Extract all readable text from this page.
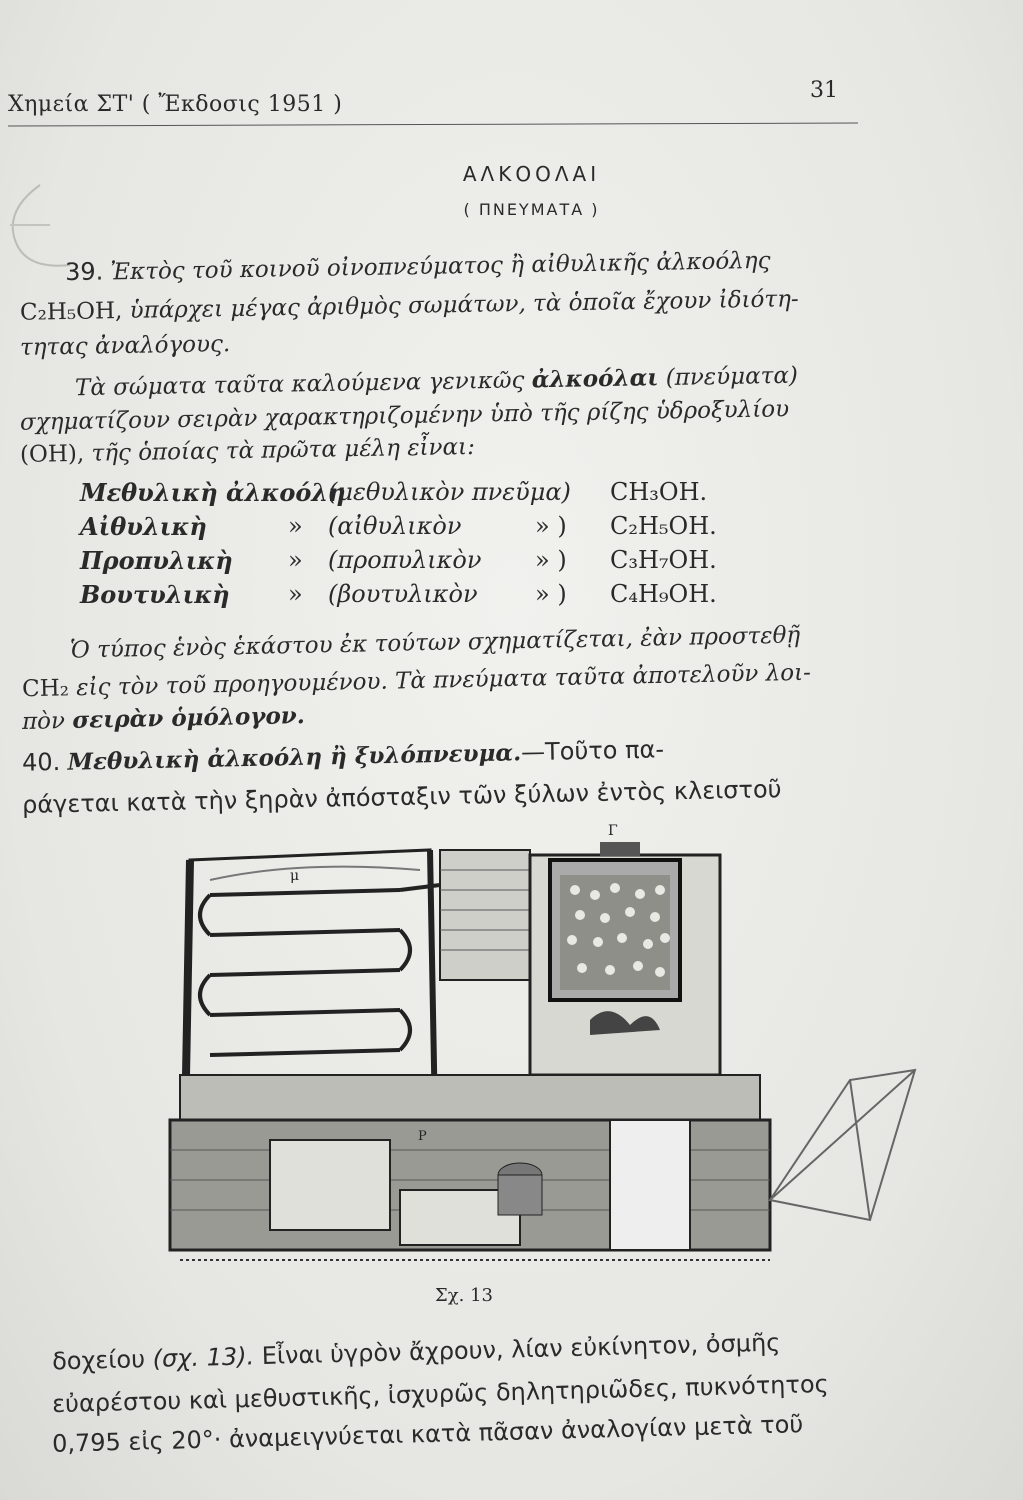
Χημεία ΣΤ' ( Ἔκδοσις 1951 )
31
ΑΛΚΟΟΛΑΙ
( ΠΝΕΥΜΑΤΑ )
39. Ἐκτὸς τοῦ κοινοῦ οἰνοπνεύματος ἢ αἰθυλικῆς ἀλκοόλης
C₂H₅OH, ὑπάρχει μέγας ἀριθμὸς σωμάτων, τὰ ὁποῖα ἔχουν ἰδιότη-
τητας ἀναλόγους.
Τὰ σώματα ταῦτα καλούμενα γενικῶς ἀλκοόλαι (πνεύματα)
σχηματίζουν σειρὰν χαρακτηριζομένην ὑπὸ τῆς ρίζης ὑδροξυλίου
(OH), τῆς ὁποίας τὰ πρῶτα μέλη εἶναι:
Μεθυλικὴ ἀλκοόλη
(μεθυλικὸν πνεῦμα) CH₃OH.
Αἰθυλικὴ	» (αἰθυλικὸν	» ) C₂H₅OH.
Προπυλικὴ » (προπυλικὸν » ) C₃H₇OH.
Βουτυλικὴ » (βουτυλικὸν » ) C₄H₉OH.
Ὁ τύπος ἑνὸς ἑκάστου ἐκ τούτων σχηματίζεται, ἐὰν προστεθῇ
CH₂ εἰς τὸν τοῦ προηγουμένου. Τὰ πνεύματα ταῦτα ἀποτελοῦν λοι-
πὸν σειρὰν ὁμόλογον.
40. Μεθυλικὴ ἀλκοόλη ἢ ξυλόπνευμα.—Τοῦτο πα-
ράγεται κατὰ τὴν ξηρὰν ἀπόσταξιν τῶν ξύλων ἐντὸς κλειστοῦ
μ
Γ
P
Σχ. 13
δοχείου (σχ. 13). Εἶναι ὑγρὸν ἄχρουν, λίαν εὐκίνητον, ὀσμῆς
εὐαρέστου καὶ μεθυστικῆς, ἰσχυρῶς δηλητηριῶδες, πυκνότητος
0,795 εἰς 20°· ἀναμειγνύεται κατὰ πᾶσαν ἀναλογίαν μετὰ τοῦ
